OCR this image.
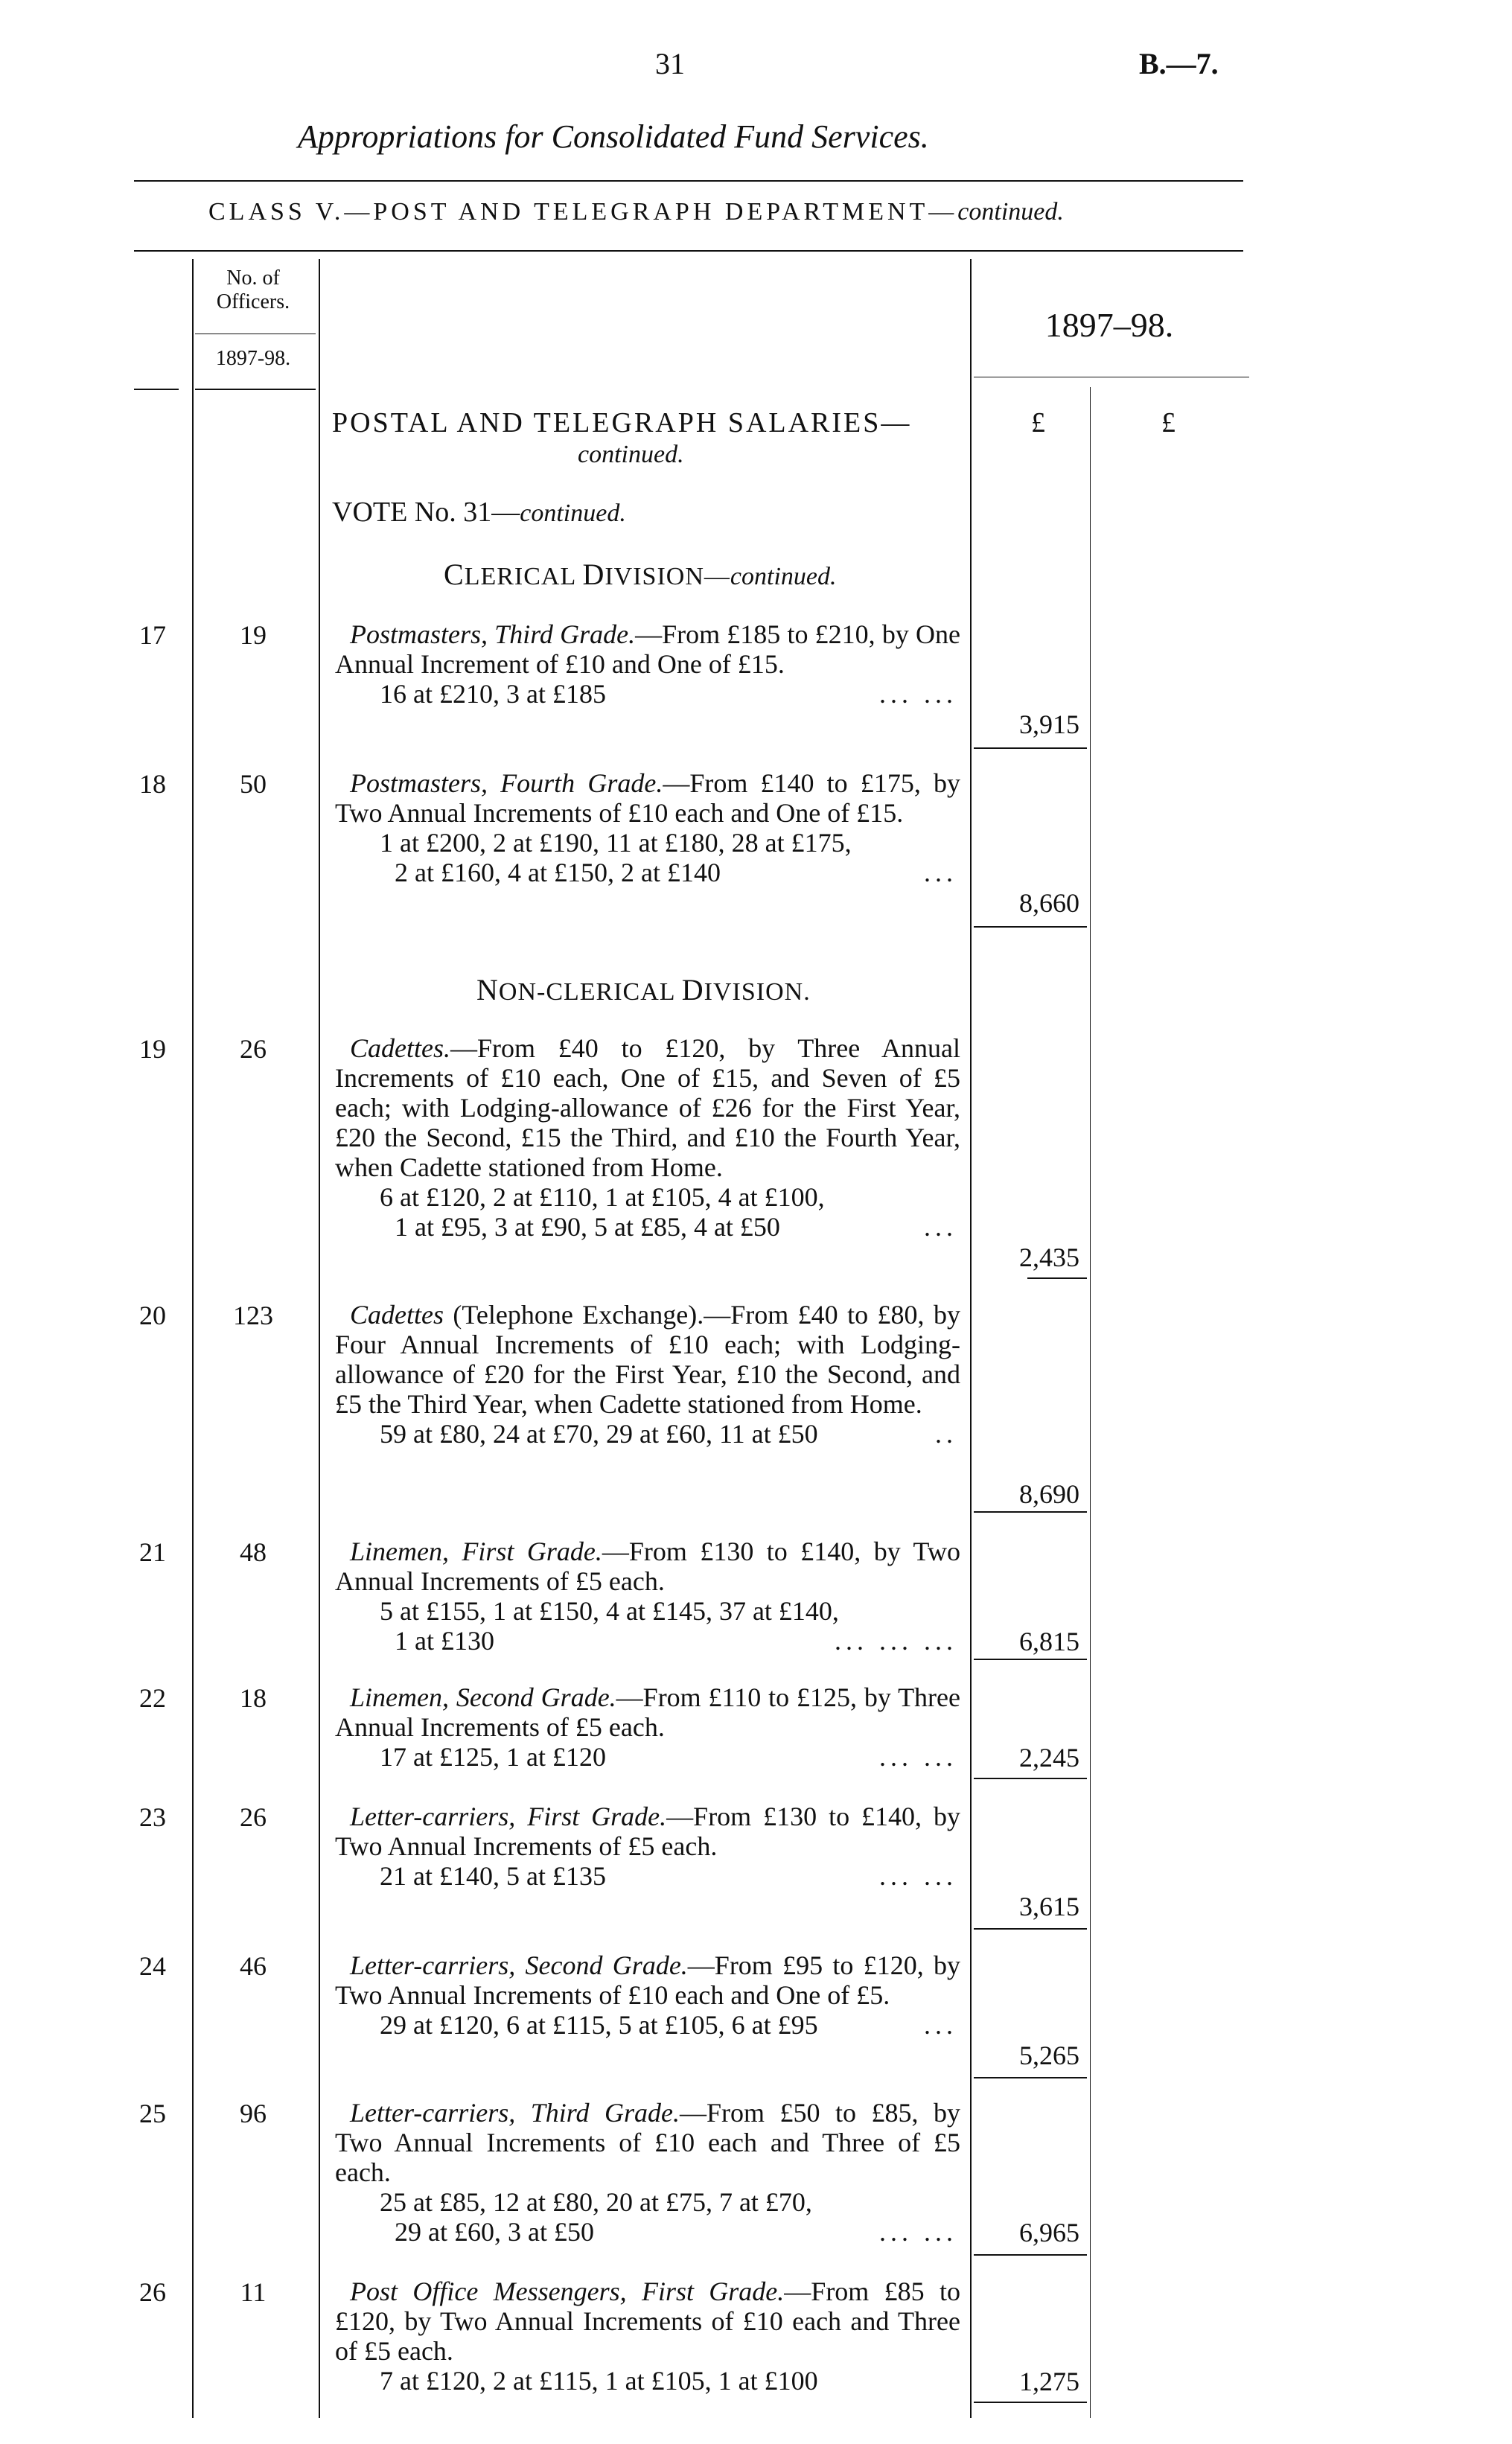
31	B.—7.
Appropriations for Consolidated Fund Services.
CLASS V.—POST AND TELEGRAPH DEPARTMENT—continued.
No. of Officers.
1897-98.
1897–98.
£	£
POSTAL AND TELEGRAPH SALARIES—
continued.
VOTE No. 31—continued.
CLERICAL DIVISION—continued.
NON-CLERICAL DIVISION.
17	19	Postmasters, Third Grade.—From £185 to £210, by One Annual Increment of £10 and One of £15.

16 at £210, 3 at £185	... ...
3,915
18	50	Postmasters, Fourth Grade.—From £140 to £175, by Two Annual Increments of £10 each and One of £15.

1 at £200, 2 at £190, 11 at £180, 28 at £175,

2 at £160, 4 at £150, 2 at £140	...
8,660
19	26	Cadettes.—From £40 to £120, by Three Annual Increments of £10 each, One of £15, and Seven of £5 each; with Lodging-allowance of £26 for the First Year, £20 the Second, £15 the Third, and £10 the Fourth Year, when Cadette stationed from Home.

6 at £120, 2 at £110, 1 at £105, 4 at £100,

1 at £95, 3 at £90, 5 at £85, 4 at £50	...
2,435
20	123	Cadettes (Telephone Exchange).—From £40 to £80, by Four Annual Increments of £10 each; with Lodging-allowance of £20 for the First Year, £10 the Second, and £5 the Third Year, when Cadette stationed from Home.

59 at £80, 24 at £70, 29 at £60, 11 at £50	..
8,690
21	48	Linemen, First Grade.—From £130 to £140, by Two Annual Increments of £5 each.

5 at £155, 1 at £150, 4 at £145, 37 at £140,

1 at £130	... ... ...	6,815
22	18	Linemen, Second Grade.—From £110 to £125, by Three Annual Increments of £5 each.

17 at £125, 1 at £120	... ...	2,245
23	26	Letter-carriers, First Grade.—From £130 to £140, by Two Annual Increments of £5 each.

21 at £140, 5 at £135	... ...
3,615
24	46	Letter-carriers, Second Grade.—From £95 to £120, by Two Annual Increments of £10 each and One of £5.

29 at £120, 6 at £115, 5 at £105, 6 at £95	...
5,265
25	96	Letter-carriers, Third Grade.—From £50 to £85, by Two Annual Increments of £10 each and Three of £5 each.

25 at £85, 12 at £80, 20 at £75, 7 at £70,

29 at £60, 3 at £50	... ...	6,965
26	11	Post Office Messengers, First Grade.—From £85 to £120, by Two Annual Increments of £10 each and Three of £5 each.

7 at £120, 2 at £115, 1 at £105, 1 at £100	1,275
